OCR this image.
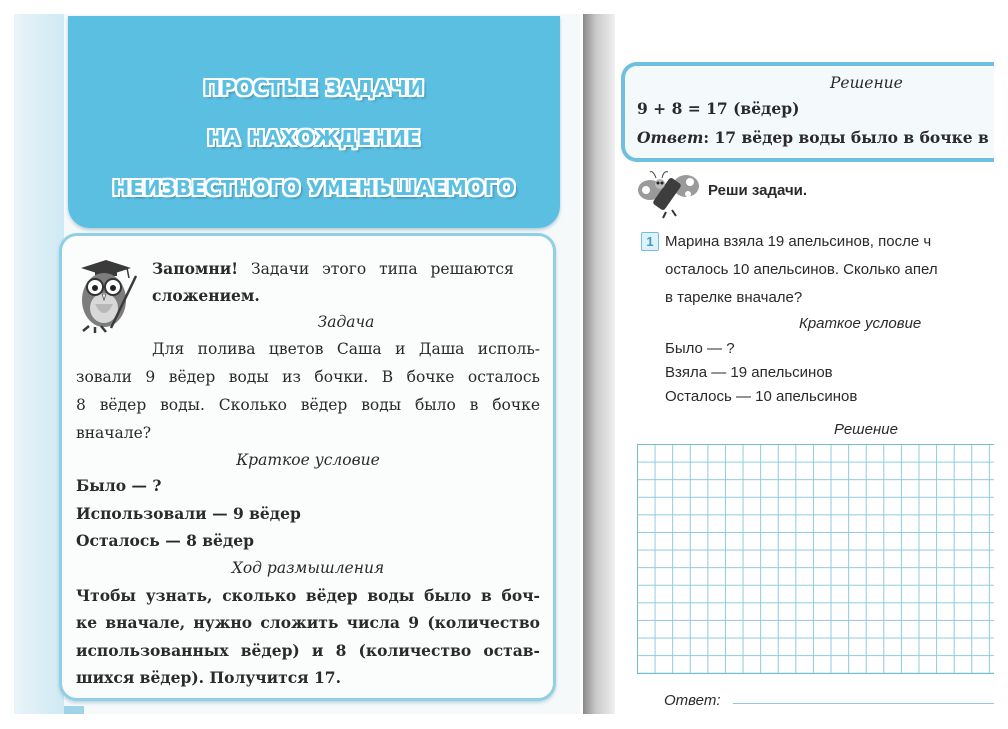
ПРОСТЫЕ ЗАДАЧИ
НА НАХОЖДЕНИЕ
НЕИЗВЕСТНОГО УМЕНЬШАЕМОГО
Запомни! Задачи этого типа решаются
сложением.
Задача
Для полива цветов Саша и Даша исполь-
зовали 9 вёдер воды из бочки. В бочке осталось
8 вёдер воды. Сколько вёдер воды было в бочке
вначале?
Краткое условие
Было — ?
Использовали — 9 вёдер
Осталось — 8 вёдер
Ход размышления
Чтобы узнать, сколько вёдер воды было в боч-
ке вначале, нужно сложить числа 9 (количество
использованных вёдер) и 8 (количество остав-
шихся вёдер). Получится 17.
Решение
9 + 8 = 17 (вёдер)
Ответ: 17 вёдер воды было в бочке в
Реши задачи.
1 Марина взяла 19 апельсинов, после ч
осталось 10 апельсинов. Сколько апел
в тарелке вначале?
Краткое условие
Было — ?
Взяла — 19 апельсинов
Осталось — 10 апельсинов
Решение
Ответ:
